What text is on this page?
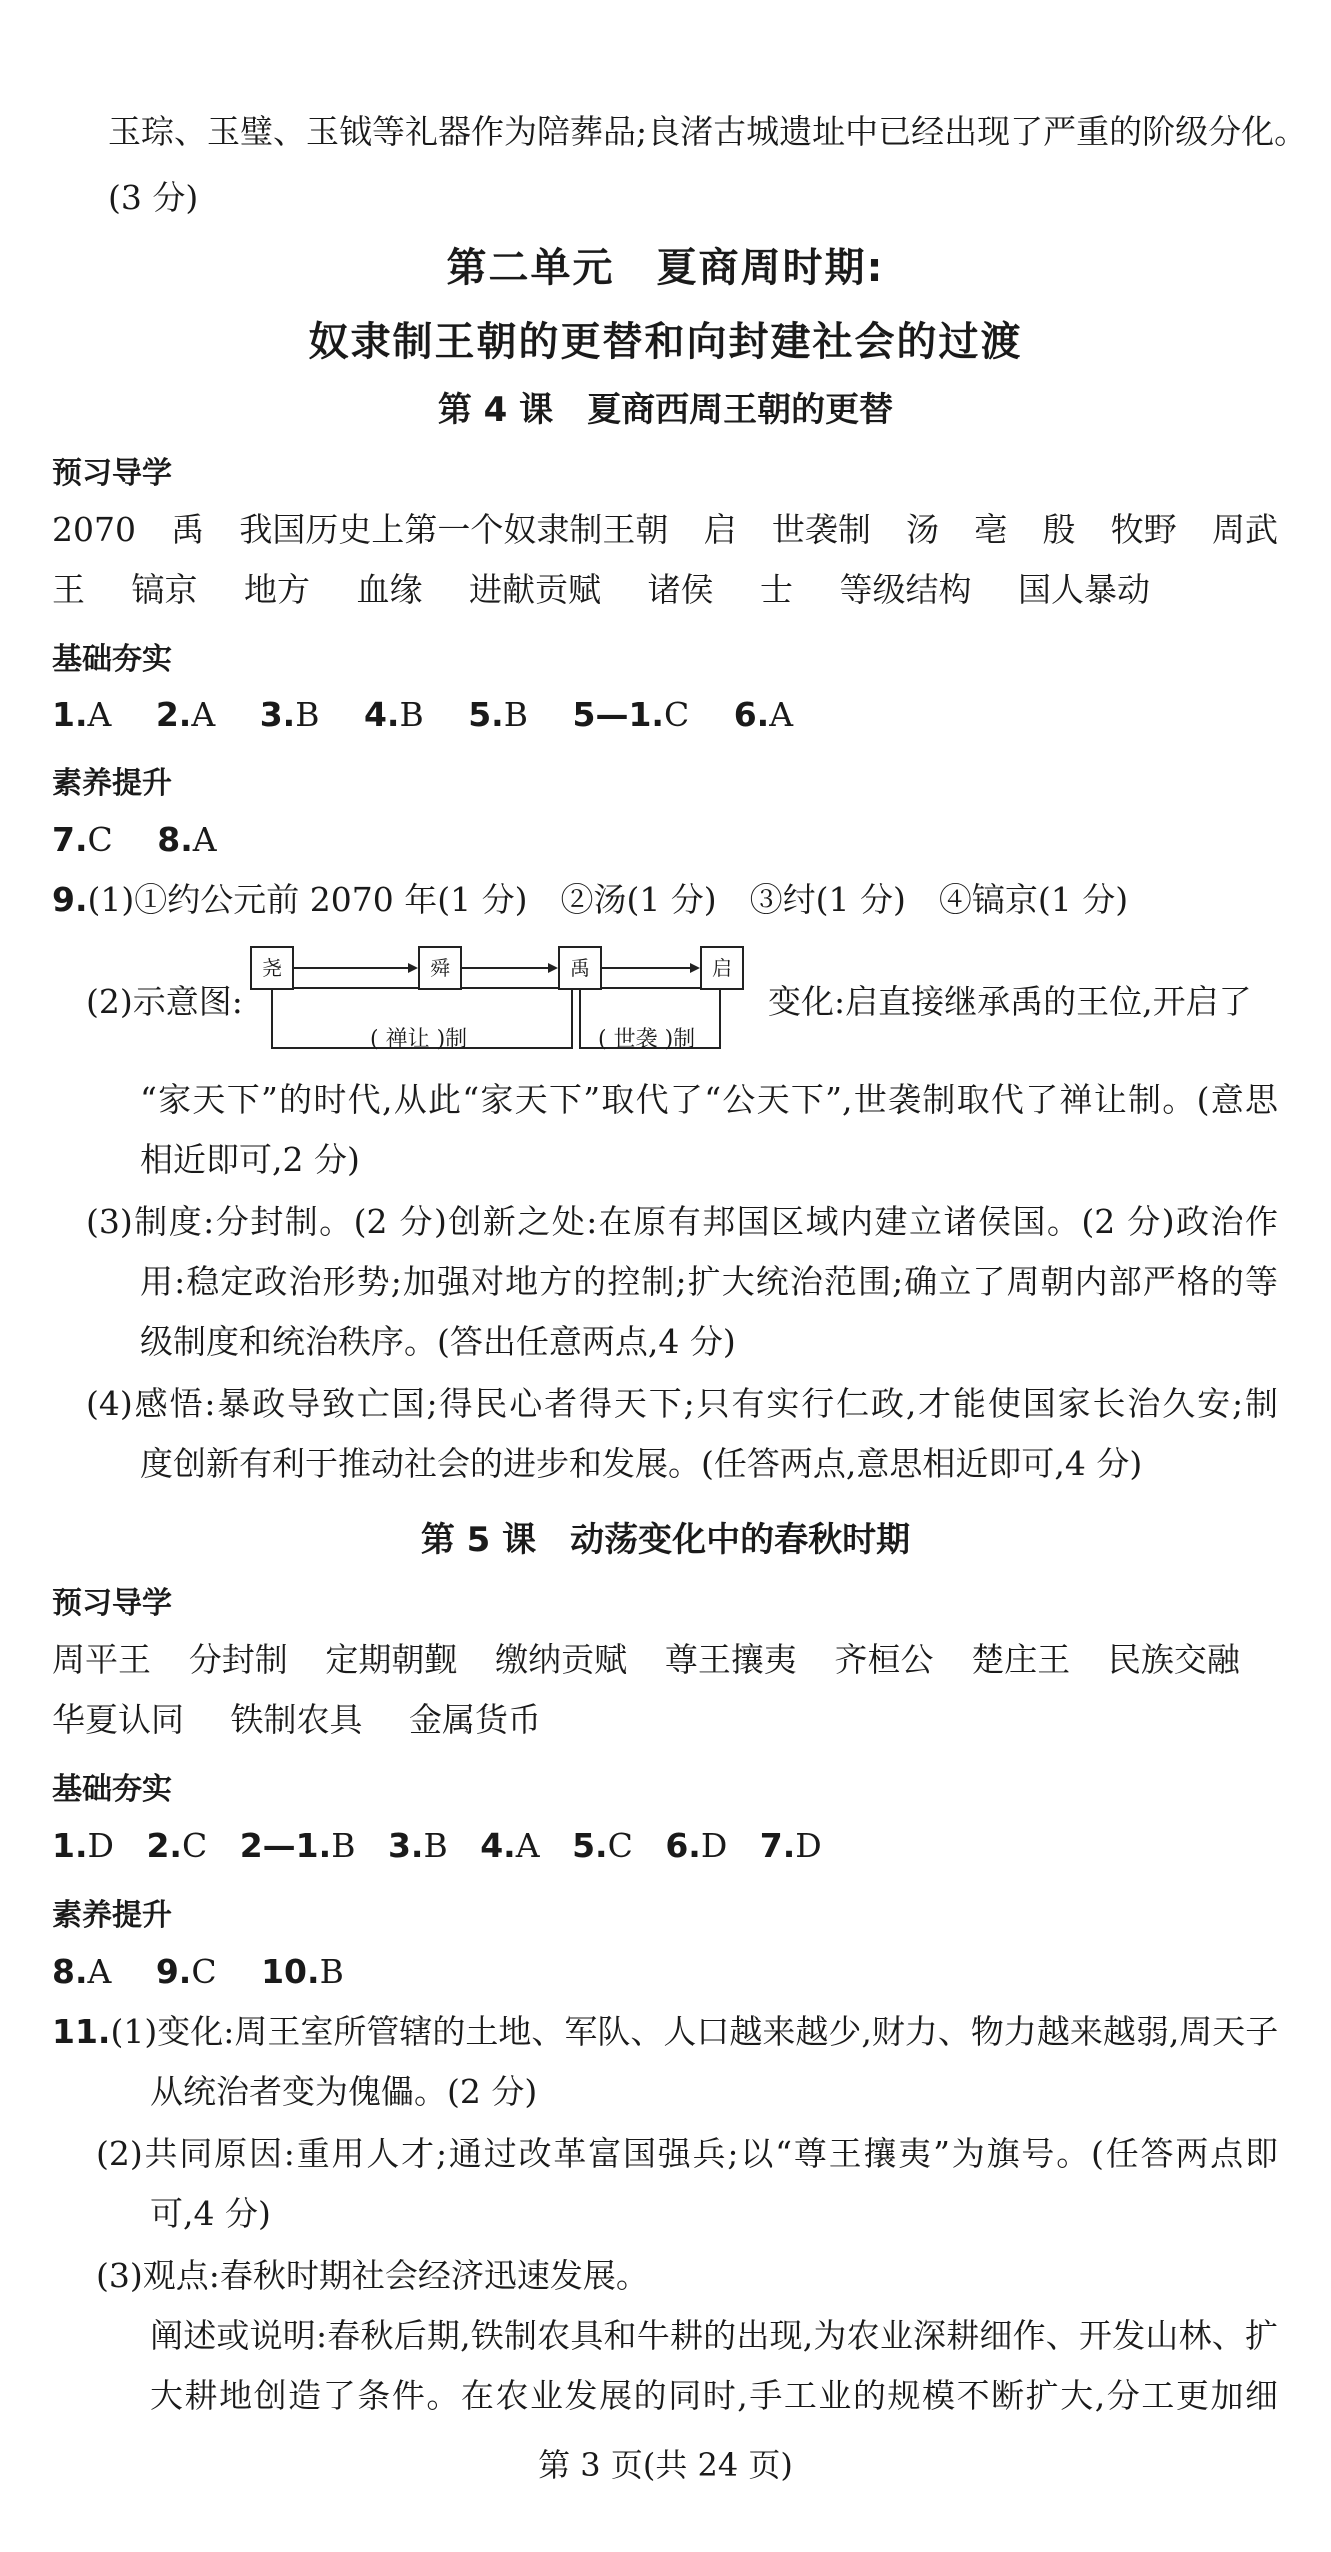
玉琮、玉璧、玉钺等礼器作为陪葬品;良渚古城遗址中已经出现了严重的阶级分化。
(3 分)
第二单元　夏商周时期:
奴隶制王朝的更替和向封建社会的过渡
第 4 课　夏商西周王朝的更替
预习导学
2070 禹 我国历史上第一个奴隶制王朝 启 世袭制 汤 亳 殷 牧野 周武
王 镐京 地方 血缘 进献贡赋 诸侯 士 等级结构 国人暴动
基础夯实
1.A 2.A 3.B 4.B 5.B 5—1.C 6.A
素养提升
7.C 8.A
9.(1)①约公元前 2070 年(1 分)　②汤(1 分)　③纣(1 分)　④镐京(1 分)
(2)示意图:
尧	舜	禹	启
( 禅让 )制	( 世袭 )制
变化:启直接继承禹的王位,开启了
“家天下”的时代,从此“家天下”取代了“公天下”,世袭制取代了禅让制。(意思
相近即可,2 分)
(3)制度:分封制。(2 分)创新之处:在原有邦国区域内建立诸侯国。(2 分)政治作
用:稳定政治形势;加强对地方的控制;扩大统治范围;确立了周朝内部严格的等
级制度和统治秩序。(答出任意两点,4 分)
(4)感悟:暴政导致亡国;得民心者得天下;只有实行仁政,才能使国家长治久安;制
度创新有利于推动社会的进步和发展。(任答两点,意思相近即可,4 分)
第 5 课　动荡变化中的春秋时期
预习导学
周平王 分封制 定期朝觐 缴纳贡赋 尊王攘夷 齐桓公 楚庄王 民族交融
华夏认同 铁制农具 金属货币
基础夯实
1.D 2.C 2—1.B 3.B 4.A 5.C 6.D 7.D
素养提升
8.A 9.C 10.B
11. (1)变化:周王室所管辖的土地、军队、人口越来越少,财力、物力越来越弱,周天子
从统治者变为傀儡。(2 分)
(2)共同原因:重用人才;通过改革富国强兵;以“尊王攘夷”为旗号。(任答两点即
可,4 分)
(3)观点:春秋时期社会经济迅速发展。
阐述或说明:春秋后期,铁制农具和牛耕的出现,为农业深耕细作、开发山林、扩
大耕地创造了条件。在农业发展的同时,手工业的规模不断扩大,分工更加细
第 3 页(共 24 页)
